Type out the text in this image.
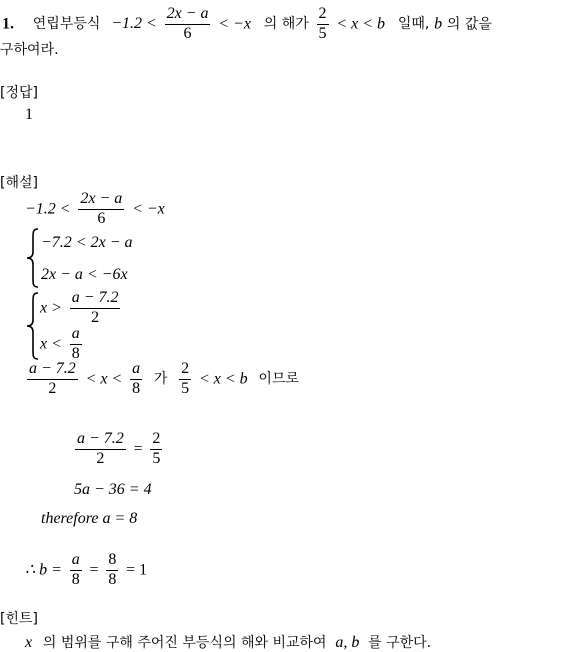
1. 연립부등식 $-1.2 < \frac{2x - a}{6} < -x$ 의 해가 $\frac{2}{5} < x < b$ 일때, b 의 값을
구하여라.
[정답]
1
[해설]
$-1.2 < \frac{2x - a}{6} < -x$
−7.2 < 2x − a
2x − a < −6x
$x > \frac{a - 7.2}{2}$
$x < \frac{a}{8}$
$\frac{a - 7.2}{2} < x < \frac{a}{8}$ 가 $\frac{2}{5} < x < b$ 이므로
$\frac{a - 7.2}{2} = \frac{2}{5}$
5a − 36 = 4
therefore a = 8
∴ $b = \frac{a}{8} = \frac{8}{8} = 1$
[힌트]
x 의 범위를 구해 주어진 부등식의 해와 비교하여 a, b 를 구한다.
